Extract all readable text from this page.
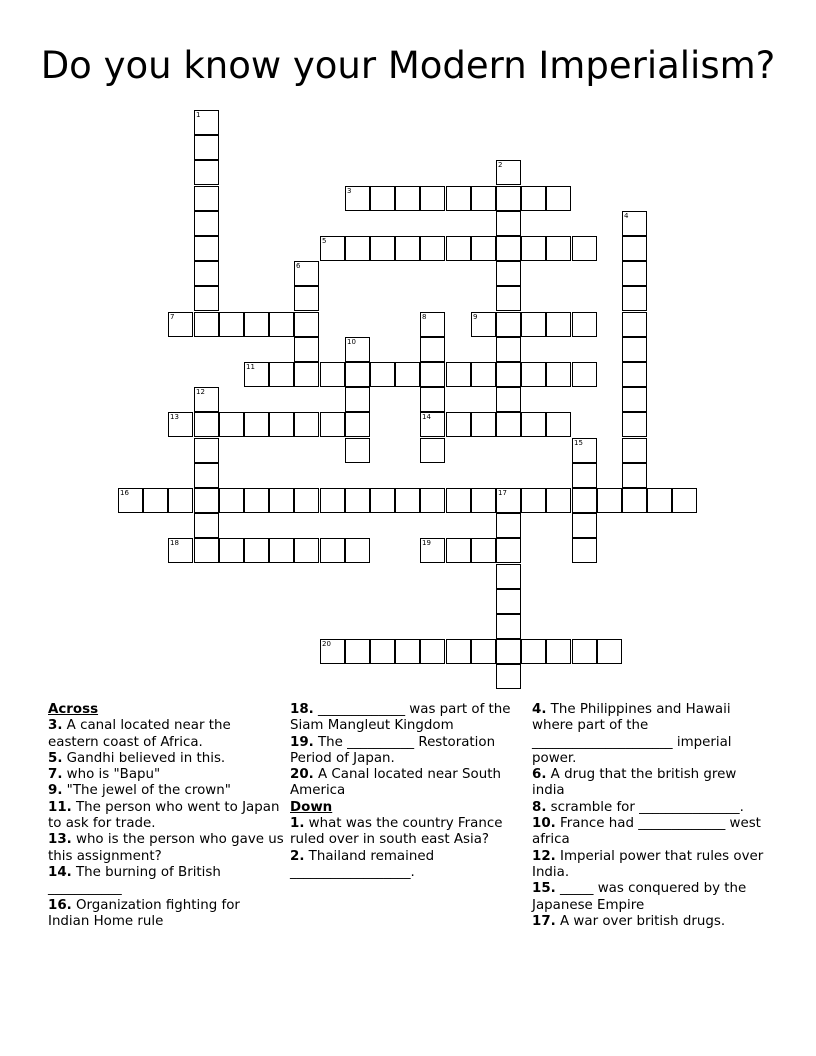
Do you know your Modern Imperialism?
1
2
3
4
5
6
7	8
14
9
10
11
12
13
15
16	17
18	19
20
Across
3. A canal located near the eastern coast of Africa.
5. Gandhi believed in this.
7. who is "Bapu"
9. "The jewel of the crown"
11. The person who went to Japan to ask for trade.
13. who is the person who gave us this assignment?
14. The burning of British ___________
16. Organization fighting for Indian Home rule
18. _____________ was part of the Siam Mangleut Kingdom
19. The __________ Restoration Period of Japan.
20. A Canal located near South America
Down
1. what was the country France ruled over in south east Asia?
2. Thailand remained __________________.
4. The Philippines and Hawaii where part of the _____________________ imperial power.
6. A drug that the british grew india
8. scramble for _______________.
10. France had _____________ west africa
12. Imperial power that rules over India.
15. _____ was conquered by the Japanese Empire
17. A war over british drugs.
